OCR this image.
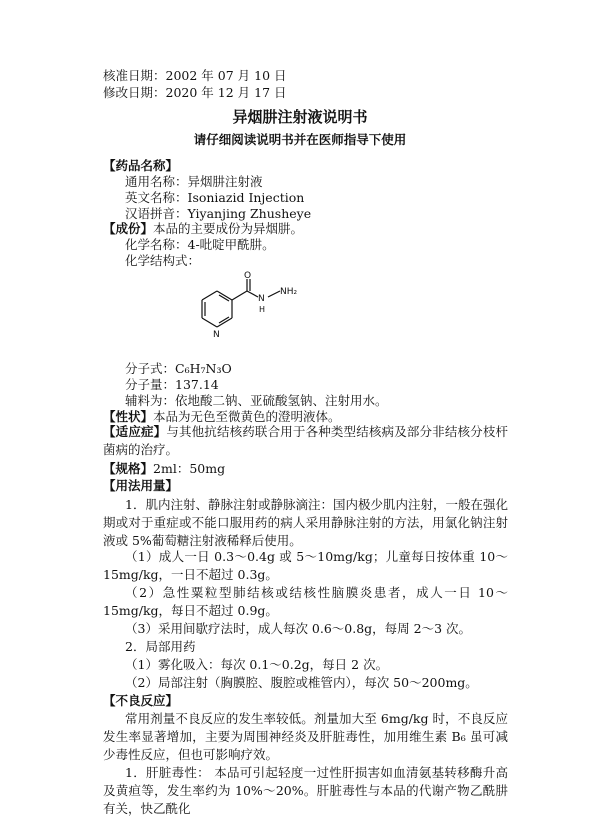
核准日期：2002 年 07 月 10 日
修改日期：2020 年 12 月 17 日
异烟肼注射液说明书
请仔细阅读说明书并在医师指导下使用
【药品名称】
通用名称：异烟肼注射液
英文名称：Isoniazid Injection
汉语拼音：Yiyanjing Zhusheye
【成份】本品的主要成份为异烟肼。
化学名称：4-吡啶甲酰肼。
化学结构式：
O
N
H
NH₂
N
分子式：C₆H₇N₃O
分子量：137.14
辅料为：依地酸二钠、亚硫酸氢钠、注射用水。
【性状】本品为无色至微黄色的澄明液体。
【适应症】与其他抗结核药联合用于各种类型结核病及部分非结核分枝杆菌病的治疗。
【规格】2ml：50mg
【用法用量】
1．肌内注射、静脉注射或静脉滴注：国内极少肌内注射，一般在强化期或对于重症或不能口服用药的病人采用静脉注射的方法，用氯化钠注射液或 5%葡萄糖注射液稀释后使用。
（1）成人一日 0.3～0.4g 或 5～10mg/kg；儿童每日按体重 10～15mg/kg，一日不超过 0.3g。
（2）急性粟粒型肺结核或结核性脑膜炎患者，成人一日 10～15mg/kg，每日不超过 0.9g。
（3）采用间歇疗法时，成人每次 0.6～0.8g，每周 2～3 次。
2．局部用药
（1）雾化吸入：每次 0.1～0.2g，每日 2 次。
（2）局部注射（胸膜腔、腹腔或椎管内），每次 50～200mg。
【不良反应】
常用剂量不良反应的发生率较低。剂量加大至 6mg/kg 时，不良反应发生率显著增加，主要为周围神经炎及肝脏毒性，加用维生素 B₆ 虽可减少毒性反应，但也可影响疗效。
1．肝脏毒性： 本品可引起轻度一过性肝损害如血清氨基转移酶升高及黄疸等，发生率约为 10%～20%。肝脏毒性与本品的代谢产物乙酰肼有关，快乙酰化
